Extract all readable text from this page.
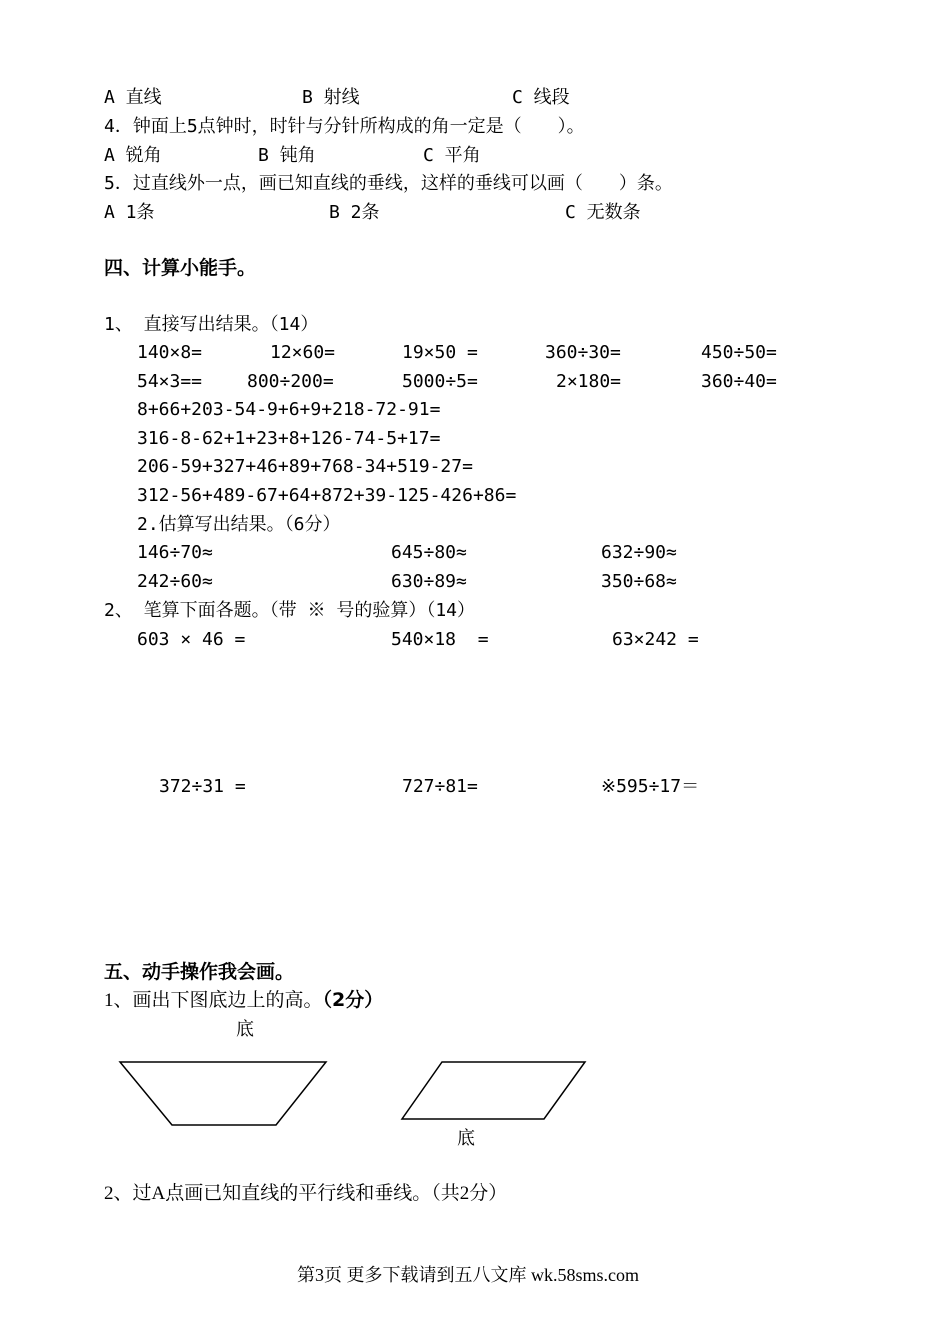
A 直线	B 射线	C 线段
4．钟面上5点钟时，时针与分针所构成的角一定是（　　）。
A 锐角	B 钝角	C 平角
5．过直线外一点，画已知直线的垂线，这样的垂线可以画（　　）条。
A 1条	B 2条	C 无数条
四、计算小能手。
1、 直接写出结果。（14）
140×8=	12×60=	19×50 =	360÷30=	450÷50=
54×3== 800÷200=	5000÷5=	2×180=	360÷40=
8+66+203-54-9+6+9+218-72-91=
316-8-62+1+23+8+126-74-5+17=
206-59+327+46+89+768-34+519-27=
312-56+489-67+64+872+39-125-426+86=
2.估算写出结果。（6分）
146÷70≈	645÷80≈	632÷90≈
242÷60≈	630÷89≈	350÷68≈
2、 笔算下面各题。（带 ※ 号的验算）（14）
603 × 46 =	540×18  =	63×242 =
372÷31 =	727÷81=	※595÷17＝
五、动手操作我会画。
1、画出下图底边上的高。（2分）
底
底
2、过A点画已知直线的平行线和垂线。（共2分）
第3页 更多下载请到五八文库 wk.58sms.com
